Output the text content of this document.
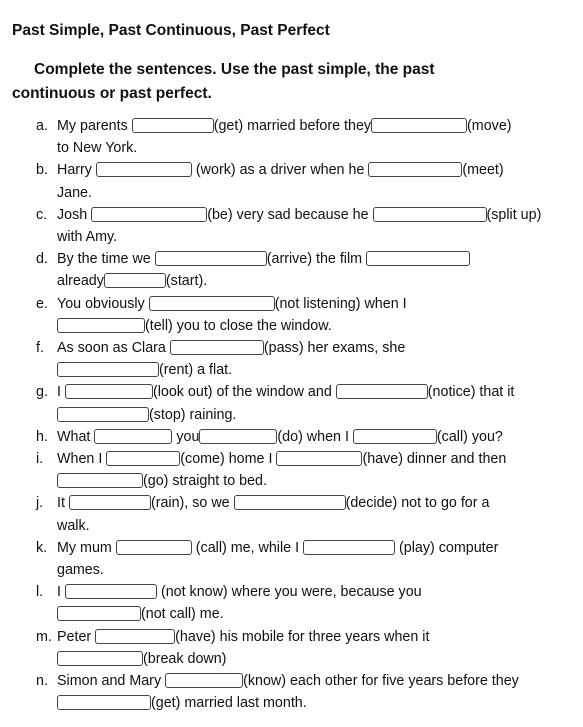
Past Simple, Past Continuous, Past Perfect
Complete the sentences. Use the past simple, the past
continuous or past perfect.
a. My parents	(get) married before they	(move)
to New York.
b. Harry	(work) as a driver when he	(meet)
Jane.
c. Josh	(be) very sad because he	(split up)
with Amy.
d. By the time we	(arrive) the film
already	(start).
e. You obviously	(not listening) when I
(tell) you to close the window.
f. As soon as Clara	(pass) her exams, she
(rent) a flat.
g. I	(look out) of the window and	(notice) that it
(stop) raining.
h. What	you	(do) when I	(call) you?
i. When I	(come) home I	(have) dinner and then
(go) straight to bed.
j. It	(rain), so we	(decide) not to go for a
walk.
k. My mum	(call) me, while I	(play) computer
games.
l. I	(not know) where you were, because you
(not call) me.
m. Peter	(have) his mobile for three years when it
(break down)
n. Simon and Mary	(know) each other for five years before they
(get) married last month.
